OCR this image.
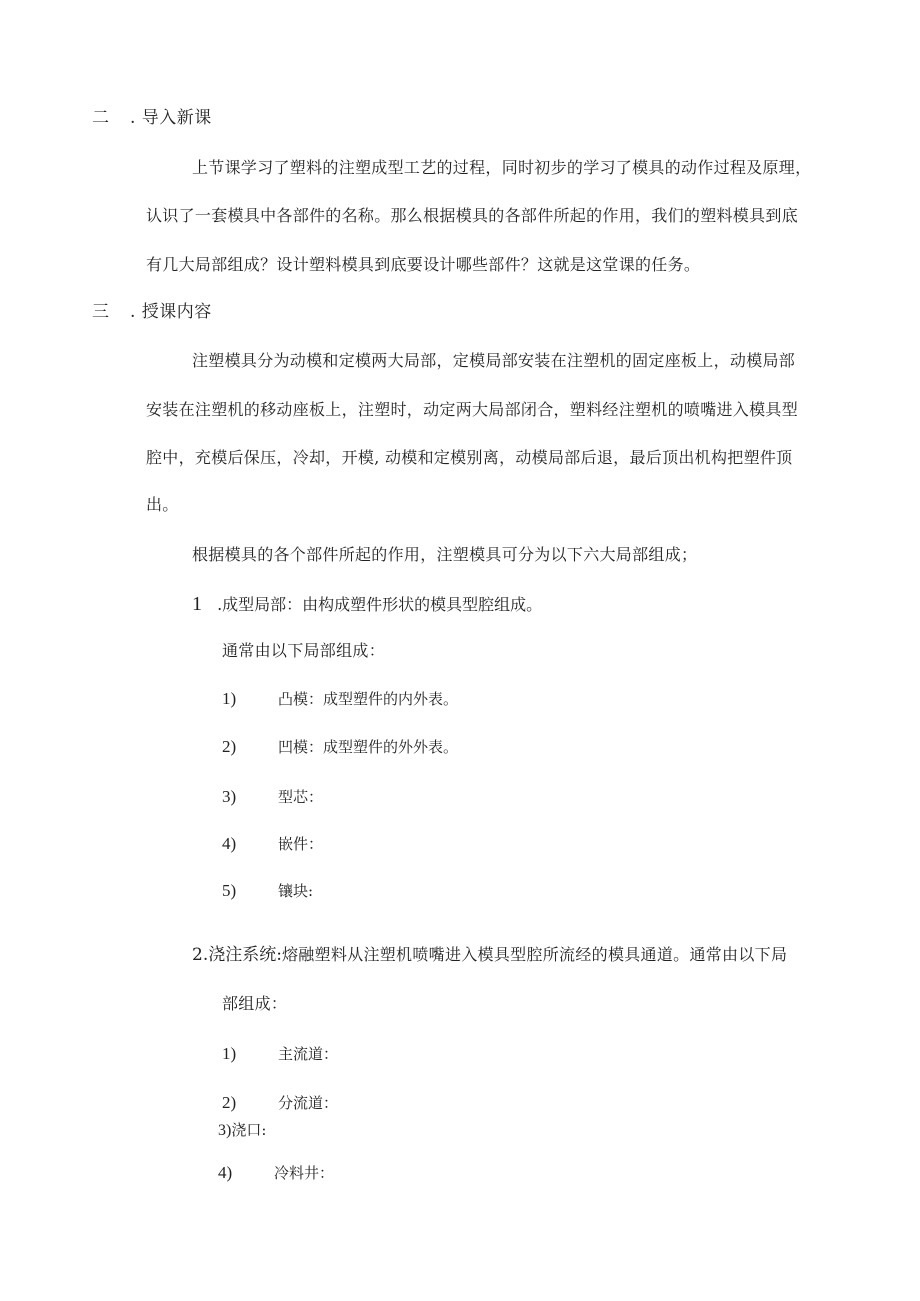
二 . 导入新课
上节课学习了塑料的注塑成型工艺的过程，同时初步的学习了模具的动作过程及原理，
认识了一套模具中各部件的名称。那么根据模具的各部件所起的作用，我们的塑料模具到底
有几大局部组成？设计塑料模具到底要设计哪些部件？这就是这堂课的任务。
三 . 授课内容
注塑模具分为动模和定模两大局部，定模局部安装在注塑机的固定座板上，动模局部
安装在注塑机的移动座板上，注塑时，动定两大局部闭合，塑料经注塑机的喷嘴进入模具型
腔中，充模后保压，冷却，开模, 动模和定模别离，动模局部后退，最后顶出机构把塑件顶
出。
根据模具的各个部件所起的作用，注塑模具可分为以下六大局部组成；
1 .成型局部：由构成塑件形状的模具型腔组成。
通常由以下局部组成：
1)	凸模：成型塑件的内外表。
2)	凹模：成型塑件的外外表。
3)	型芯：
4)	嵌件：
5)	镶块:
2.浇注系统:熔融塑料从注塑机喷嘴进入模具型腔所流经的模具通道。通常由以下局
部组成：
1)	主流道：
2)	分流道：
3)浇口:
4)	冷料井：
